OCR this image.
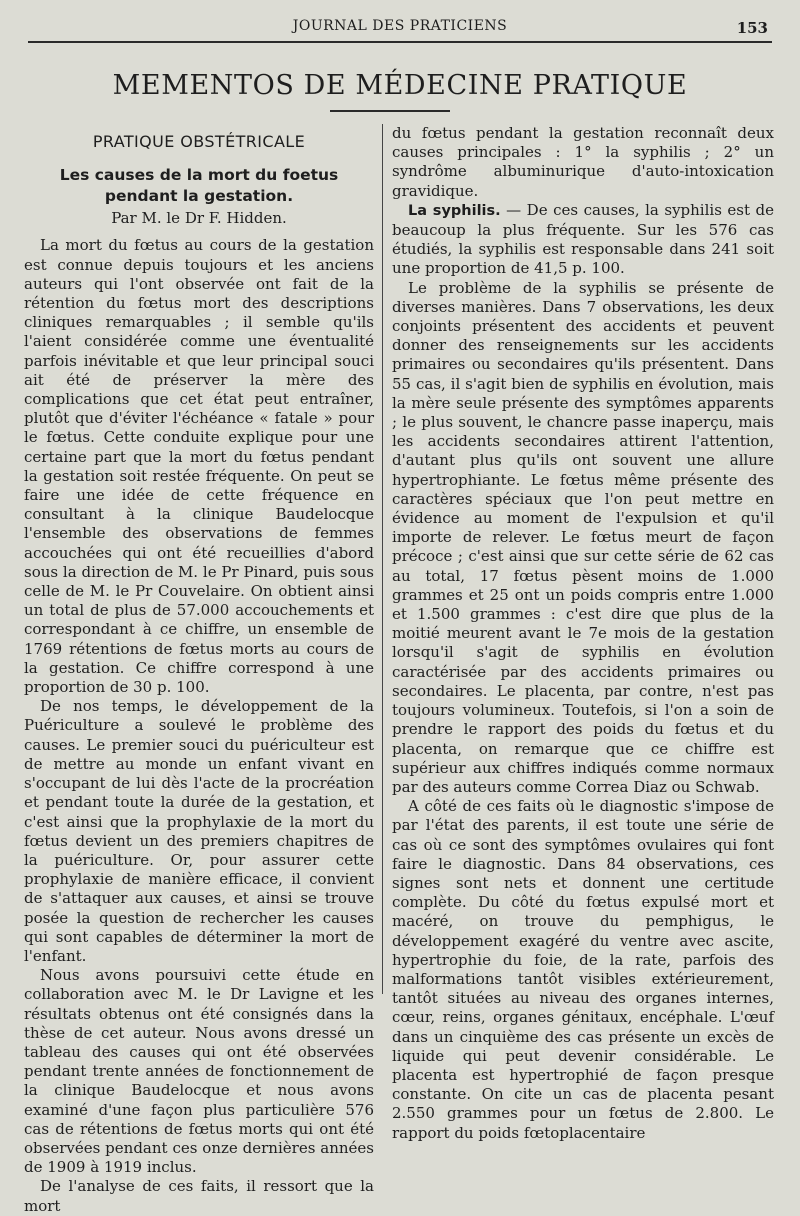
JOURNAL DES PRATICIENS	153
MEMENTOS DE MÉDECINE PRATIQUE
PRATIQUE OBSTÉTRICALE
Les causes de la mort du foetus pendant la gestation.
Par M. le Dr F. Hidden.

La mort du fœtus au cours de la gestation est connue depuis toujours et les anciens auteurs qui l'ont observée ont fait de la rétention du fœtus mort des descriptions cliniques remarquables ; il semble qu'ils l'aient considérée comme une éventualité parfois inévitable et que leur principal souci ait été de préserver la mère des complications que cet état peut entraîner, plutôt que d'éviter l'échéance « fatale » pour le fœtus. Cette conduite explique pour une certaine part que la mort du fœtus pendant la gestation soit restée fréquente. On peut se faire une idée de cette fréquence en consultant à la clinique Baudelocque l'ensemble des observations de femmes accouchées qui ont été recueillies d'abord sous la direction de M. le Pr Pinard, puis sous celle de M. le Pr Couvelaire. On obtient ainsi un total de plus de 57.000 accouchements et correspondant à ce chiffre, un ensemble de 1769 rétentions de fœtus morts au cours de la gestation. Ce chiffre correspond à une proportion de 30 p. 100.

De nos temps, le développement de la Puériculture a soulevé le problème des causes. Le premier souci du puériculteur est de mettre au monde un enfant vivant en s'occupant de lui dès l'acte de la procréation et pendant toute la durée de la gestation, et c'est ainsi que la prophylaxie de la mort du fœtus devient un des premiers chapitres de la puériculture. Or, pour assurer cette prophylaxie de manière efficace, il convient de s'attaquer aux causes, et ainsi se trouve posée la question de rechercher les causes qui sont capables de déterminer la mort de l'enfant.

Nous avons poursuivi cette étude en collaboration avec M. le Dr Lavigne et les résultats obtenus ont été consignés dans la thèse de cet auteur. Nous avons dressé un tableau des causes qui ont été observées pendant trente années de fonctionnement de la clinique Baudelocque et nous avons examiné d'une façon plus particulière 576 cas de rétentions de fœtus morts qui ont été observées pendant ces onze dernières années de 1909 à 1919 inclus.

De l'analyse de ces faits, il ressort que la mort

du fœtus pendant la gestation reconnaît deux causes principales : 1° la syphilis ; 2° un syndrôme albuminurique d'auto-intoxication gravidique.

La syphilis. — De ces causes, la syphilis est de beaucoup la plus fréquente. Sur les 576 cas étudiés, la syphilis est responsable dans 241 soit une proportion de 41,5 p. 100.

Le problème de la syphilis se présente de diverses manières. Dans 7 observations, les deux conjoints présentent des accidents et peuvent donner des renseignements sur les accidents primaires ou secondaires qu'ils présentent. Dans 55 cas, il s'agit bien de syphilis en évolution, mais la mère seule présente des symptômes apparents ; le plus souvent, le chancre passe inaperçu, mais les accidents secondaires attirent l'attention, d'autant plus qu'ils ont souvent une allure hypertrophiante. Le fœtus même présente des caractères spéciaux que l'on peut mettre en évidence au moment de l'expulsion et qu'il importe de relever. Le fœtus meurt de façon précoce ; c'est ainsi que sur cette série de 62 cas au total, 17 fœtus pèsent moins de 1.000 grammes et 25 ont un poids compris entre 1.000 et 1.500 grammes : c'est dire que plus de la moitié meurent avant le 7e mois de la gestation lorsqu'il s'agit de syphilis en évolution caractérisée par des accidents primaires ou secondaires. Le placenta, par contre, n'est pas toujours volumineux. Toutefois, si l'on a soin de prendre le rapport des poids du fœtus et du placenta, on remarque que ce chiffre est supérieur aux chiffres indiqués comme normaux par des auteurs comme Correa Diaz ou Schwab.

A côté de ces faits où le diagnostic s'impose de par l'état des parents, il est toute une série de cas où ce sont des symptômes ovulaires qui font faire le diagnostic. Dans 84 observations, ces signes sont nets et donnent une certitude complète. Du côté du fœtus expulsé mort et macéré, on trouve du pemphigus, le développement exagéré du ventre avec ascite, hypertrophie du foie, de la rate, parfois des malformations tantôt visibles extérieurement, tantôt situées au niveau des organes internes, cœur, reins, organes génitaux, encéphale. L'œuf dans un cinquième des cas présente un excès de liquide qui peut devenir considérable. Le placenta est hypertrophié de façon presque constante. On cite un cas de placenta pesant 2.550 grammes pour un fœtus de 2.800. Le rapport du poids fœtoplacentaire
